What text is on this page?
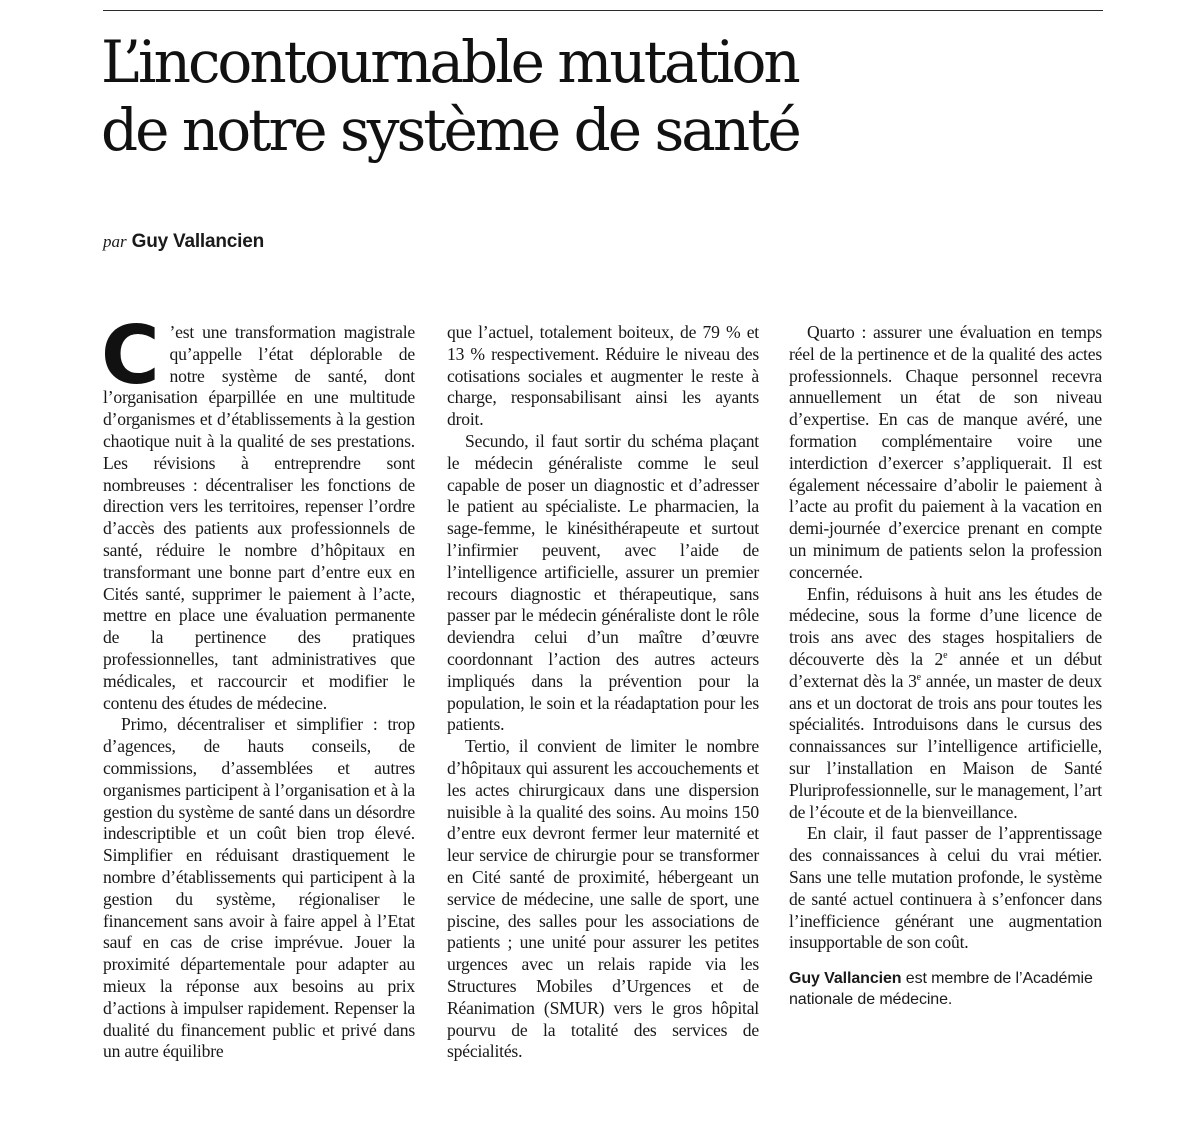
L’incontournable mutation
de notre système de santé
par Guy Vallancien

C ’est une transformation magistrale qu’appelle l’état déplorable de notre système de santé, dont l’organisation éparpillée en une multitude d’organismes et d’établissements à la gestion chaotique nuit à la qualité de ses prestations. Les révisions à entreprendre sont nombreuses : décentraliser les fonctions de direction vers les territoires, repenser l’ordre d’accès des patients aux professionnels de santé, réduire le nombre d’hôpitaux en transformant une bonne part d’entre eux en Cités santé, supprimer le paiement à l’acte, mettre en place une évaluation permanente de la pertinence des pratiques professionnelles, tant administratives que médicales, et raccourcir et modifier le contenu des études de médecine.

Primo, décentraliser et simplifier : trop d’agences, de hauts conseils, de commissions, d’assemblées et autres organismes participent à l’organisation et à la gestion du système de santé dans un désordre indescriptible et un coût bien trop élevé. Simplifier en réduisant drastiquement le nombre d’établissements qui participent à la gestion du système, régionaliser le financement sans avoir à faire appel à l’Etat sauf en cas de crise imprévue. Jouer la proximité départementale pour adapter au mieux la réponse aux besoins au prix d’actions à impulser rapidement. Repenser la dualité du financement public et privé dans un autre équilibre

que l’actuel, totalement boiteux, de 79 % et 13 % respectivement. Réduire le niveau des cotisations sociales et augmenter le reste à charge, responsabilisant ainsi les ayants droit.

Secundo, il faut sortir du schéma plaçant le médecin généraliste comme le seul capable de poser un diagnostic et d’adresser le patient au spécialiste. Le pharmacien, la sage-femme, le kinésithérapeute et surtout l’infirmier peuvent, avec l’aide de l’intelligence artificielle, assurer un premier recours diagnostic et thérapeutique, sans passer par le médecin généraliste dont le rôle deviendra celui d’un maître d’œuvre coordonnant l’action des autres acteurs impliqués dans la prévention pour la population, le soin et la réadaptation pour les patients.

Tertio, il convient de limiter le nombre d’hôpitaux qui assurent les accouchements et les actes chirurgicaux dans une dispersion nuisible à la qualité des soins. Au moins 150 d’entre eux devront fermer leur maternité et leur service de chirurgie pour se transformer en Cité santé de proximité, hébergeant un service de médecine, une salle de sport, une piscine, des salles pour les associations de patients ; une unité pour assurer les petites urgences avec un relais rapide via les Structures Mobiles d’Urgences et de Réanimation (SMUR) vers le gros hôpital pourvu de la totalité des services de spécialités.

Quarto : assurer une évaluation en temps réel de la pertinence et de la qualité des actes professionnels. Chaque personnel recevra annuellement un état de son niveau d’expertise. En cas de manque avéré, une formation complémentaire voire une interdiction d’exercer s’appliquerait. Il est également nécessaire d’abolir le paiement à l’acte au profit du paiement à la vacation en demi-journée d’exercice prenant en compte un minimum de patients selon la profession concernée.

Enfin, réduisons à huit ans les études de médecine, sous la forme d’une licence de trois ans avec des stages hospitaliers de découverte dès la 2e année et un début d’externat dès la 3e année, un master de deux ans et un doctorat de trois ans pour toutes les spécialités. Introduisons dans le cursus des connaissances sur l’intelligence artificielle, sur l’installation en Maison de Santé Pluriprofessionnelle, sur le management, l’art de l’écoute et de la bienveillance.

En clair, il faut passer de l’apprentissage des connaissances à celui du vrai métier. Sans une telle mutation profonde, le système de santé actuel continuera à s’enfoncer dans l’inefficience générant une augmentation insupportable de son coût.

Guy Vallancien est membre de l’Académie nationale de médecine.
